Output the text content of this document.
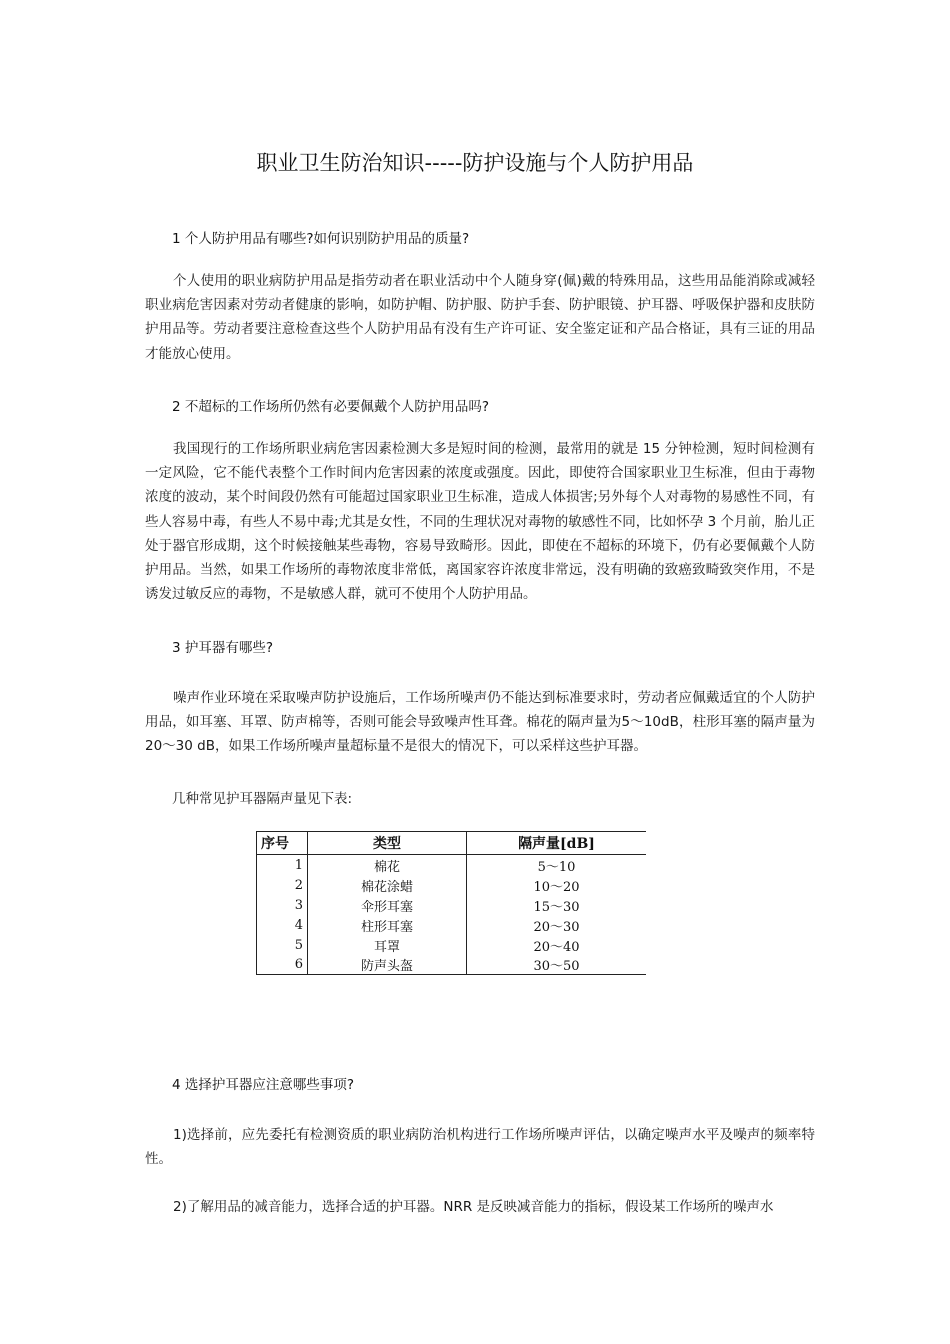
职业卫生防治知识-----防护设施与个人防护用品
1 个人防护用品有哪些?如何识别防护用品的质量?
个人使用的职业病防护用品是指劳动者在职业活动中个人随身穿(佩)戴的特殊用品，这些用品能消除或减轻职业病危害因素对劳动者健康的影响，如防护帽、防护服、防护手套、防护眼镜、护耳器、呼吸保护器和皮肤防护用品等。劳动者要注意检查这些个人防护用品有没有生产许可证、安全鉴定证和产品合格证，具有三证的用品才能放心使用。
2 不超标的工作场所仍然有必要佩戴个人防护用品吗?
我国现行的工作场所职业病危害因素检测大多是短时间的检测，最常用的就是 15 分钟检测，短时间检测有一定风险，它不能代表整个工作时间内危害因素的浓度或强度。因此，即使符合国家职业卫生标准，但由于毒物浓度的波动，某个时间段仍然有可能超过国家职业卫生标准，造成人体损害;另外每个人对毒物的易感性不同，有些人容易中毒，有些人不易中毒;尤其是女性，不同的生理状况对毒物的敏感性不同，比如怀孕 3 个月前，胎儿正处于器官形成期，这个时候接触某些毒物，容易导致畸形。因此，即使在不超标的环境下，仍有必要佩戴个人防护用品。当然，如果工作场所的毒物浓度非常低，离国家容许浓度非常远，没有明确的致癌致畸致突作用，不是诱发过敏反应的毒物，不是敏感人群，就可不使用个人防护用品。
3 护耳器有哪些?
噪声作业环境在采取噪声防护设施后，工作场所噪声仍不能达到标准要求时，劳动者应佩戴适宜的个人防护用品，如耳塞、耳罩、防声棉等，否则可能会导致噪声性耳聋。棉花的隔声量为5～10dB，柱形耳塞的隔声量为20～30 dB，如果工作场所噪声量超标量不是很大的情况下，可以采样这些护耳器。
几种常见护耳器隔声量见下表:
序号	类型	隔声量[dB]
1	棉花	5～10
2	棉花涂蜡	10～20
3	伞形耳塞	15～30
4	柱形耳塞	20～30
5	耳罩	20～40
6	防声头盔	30～50
4 选择护耳器应注意哪些事项?
1)选择前，应先委托有检测资质的职业病防治机构进行工作场所噪声评估，以确定噪声水平及噪声的频率特性。
2)了解用品的减音能力，选择合适的护耳器。NRR 是反映减音能力的指标，假设某工作场所的噪声水
